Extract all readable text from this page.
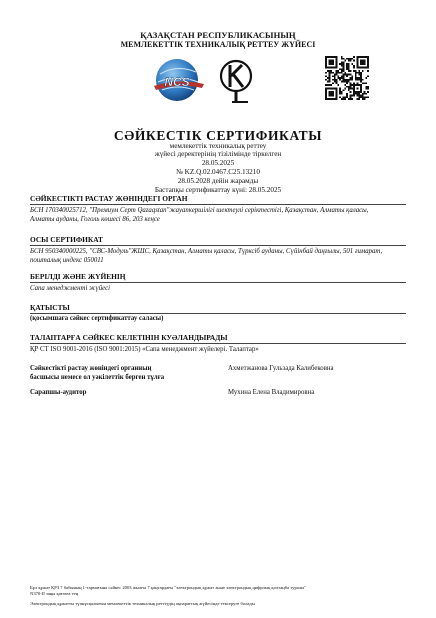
ҚАЗАҚСТАН РЕСПУБЛИКАСЫНЫҢ
МЕМЛЕКЕТТІК ТЕХНИКАЛЫҚ РЕТТЕУ ЖҮЙЕСІ
NCS
СӘЙКЕСТІК СЕРТИФИКАТЫ
мемлекеттік техникалық реттеу
жүйесі деректерінің тізілімінде тіркелген
28.05.2025
№ KZ.Q.02.0467.С25.13210
28.05.2028 дейін жарамды
Бастапқы сертификаттау күні: 28.05.2025
СӘЙКЕСТІКТІ РАСТАУ ЖӨНІНДЕГІ ОРГАН
БСН 170340025712, "Премиум Серт Qazaqstan"жауапкершілігі шектеулі серіктестігі, Қазақстан, Алматы қаласы,
Алматы ауданы, Гоголь көшесі 86, 203 кеңсе
ОСЫ СЕРТИФИКАТ
БСН 950340000225, "СВС-Модуль"ЖШС, Қазақстан, Алматы қаласы, Түрксіб ауданы, Сүйінбай даңғылы, 501 ғимарат,
пошталық индекс 050011
БЕРІЛДІ ЖӘНЕ ЖҮЙЕНІҢ
Сапа менеджменті жүйесі
ҚАТЫСТЫ
(қосымшаға сәйкес сертификаттау саласы)
ТАЛАПТАРҒА СӘЙКЕС КЕЛЕТІНІН КУӘЛАНДЫРАДЫ
ҚР СТ ISO 9001-2016 (ISO 9001:2015) «Сапа менеджмент жүйелері. Талаптар»
Сәйкестікті растау жөніндегі органның
басшысы немесе ол уәкілеттік берген тұлға
Ахметжанова Гульзада Калибековна
Сарапшы-аудитор	Мухина Елена Владимировна
Бұл құжат ҚРЗ 7 бабының 1-тармағына сәйкес 2003 жылғы 7 қаңтардағы "электрондық құжат және электрондық цифрлық қолтаңба туралы"
N370-II заңы қағазға тең
Электрондық құжатты түпнұсқалығын мемлекеттік техникалық реттеудің ақпараттық жүйесінде тексеруге болады
